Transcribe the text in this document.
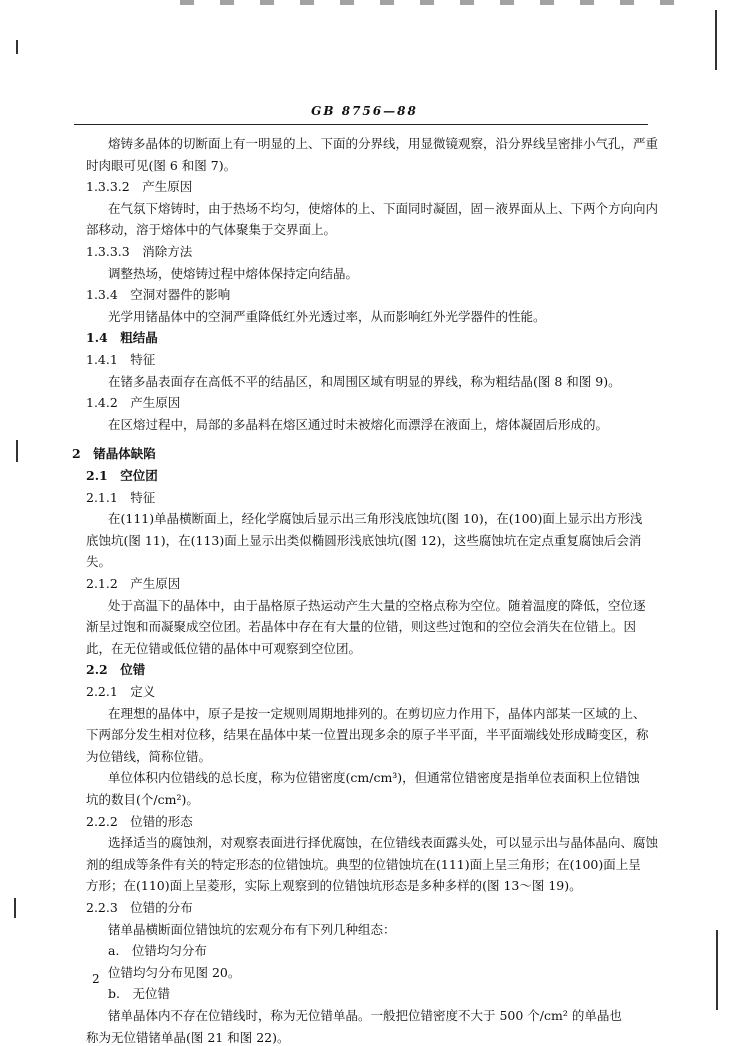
GB 8756—88
熔铸多晶体的切断面上有一明显的上、下面的分界线，用显微镜观察，沿分界线呈密排小气孔，严重
时肉眼可见(图 6 和图 7)。
1.3.3.2　产生原因
在气氛下熔铸时，由于热场不均匀，使熔体的上、下面同时凝固，固－液界面从上、下两个方向向内
部移动，溶于熔体中的气体聚集于交界面上。
1.3.3.3　消除方法
调整热场，使熔铸过程中熔体保持定向结晶。
1.3.4　空洞对器件的影响
光学用锗晶体中的空洞严重降低红外光透过率，从而影响红外光学器件的性能。
1.4　粗结晶
1.4.1　特征
在锗多晶表面存在高低不平的结晶区，和周围区域有明显的界线，称为粗结晶(图 8 和图 9)。
1.4.2　产生原因
在区熔过程中，局部的多晶料在熔区通过时未被熔化而漂浮在液面上，熔体凝固后形成的。
2　锗晶体缺陷
2.1　空位团
2.1.1　特征
在(111)单晶横断面上，经化学腐蚀后显示出三角形浅底蚀坑(图 10)，在(100)面上显示出方形浅
底蚀坑(图 11)，在(113)面上显示出类似椭圆形浅底蚀坑(图 12)，这些腐蚀坑在定点重复腐蚀后会消
失。
2.1.2　产生原因
处于高温下的晶体中，由于晶格原子热运动产生大量的空格点称为空位。随着温度的降低，空位逐
渐呈过饱和而凝聚成空位团。若晶体中存在有大量的位错，则这些过饱和的空位会消失在位错上。因
此，在无位错或低位错的晶体中可观察到空位团。
2.2　位错
2.2.1　定义
在理想的晶体中，原子是按一定规则周期地排列的。在剪切应力作用下，晶体内部某一区域的上、
下两部分发生相对位移，结果在晶体中某一位置出现多余的原子半平面，半平面端线处形成畸变区，称
为位错线，简称位错。
单位体积内位错线的总长度，称为位错密度(cm/cm³)，但通常位错密度是指单位表面积上位错蚀
坑的数目(个/cm²)。
2.2.2　位错的形态
选择适当的腐蚀剂，对观察表面进行择优腐蚀，在位错线表面露头处，可以显示出与晶体晶向、腐蚀
剂的组成等条件有关的特定形态的位错蚀坑。典型的位错蚀坑在(111)面上呈三角形；在(100)面上呈
方形；在(110)面上呈菱形，实际上观察到的位错蚀坑形态是多种多样的(图 13～图 19)。
2.2.3　位错的分布
锗单晶横断面位错蚀坑的宏观分布有下列几种组态：
a.　位错均匀分布
位错均匀分布见图 20。
b.　无位错
锗单晶体内不存在位错线时，称为无位错单晶。一般把位错密度不大于 500 个/cm² 的单晶也
称为无位错锗单晶(图 21 和图 22)。
2
